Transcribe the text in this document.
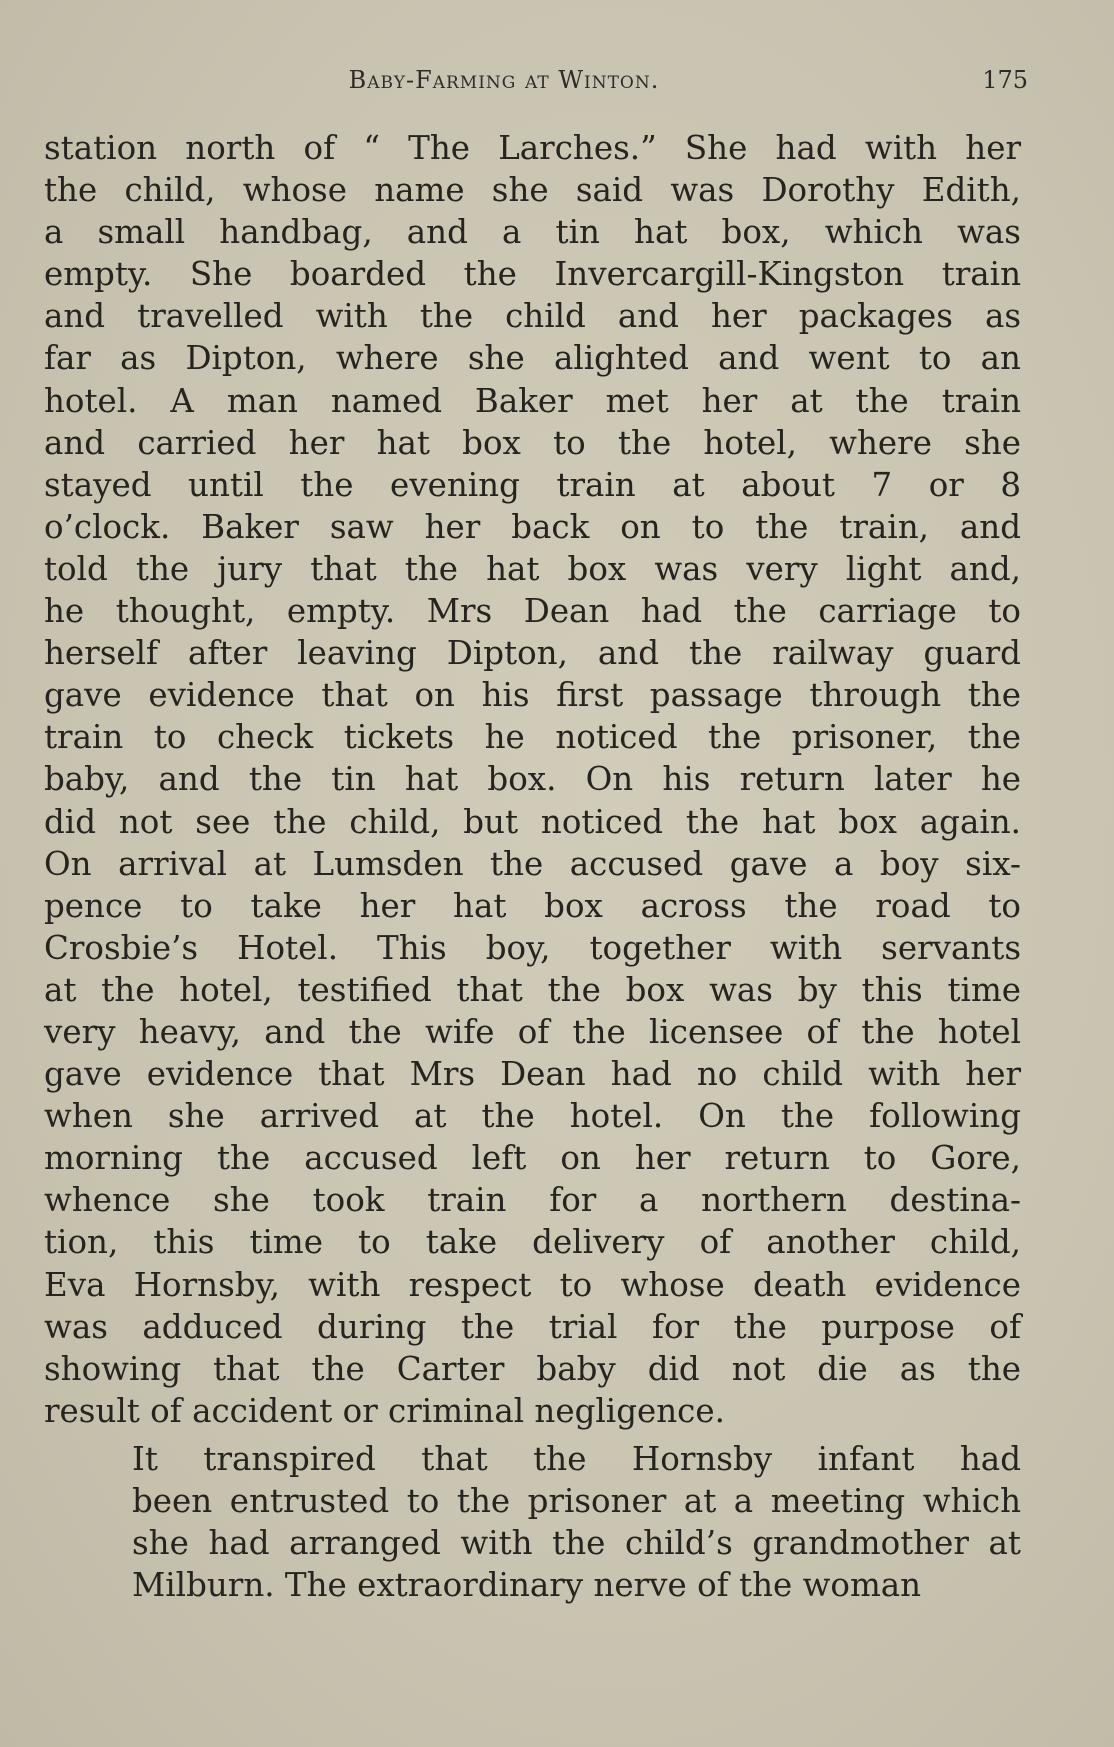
Baby-Farming at Winton.	175

station north of “ The Larches.” She had with her
the child, whose name she said was Dorothy Edith,
a small handbag, and a tin hat box, which was
empty. She boarded the Invercargill-Kingston train
and travelled with the child and her packages as
far as Dipton, where she alighted and went to an
hotel. A man named Baker met her at the train
and carried her hat box to the hotel, where she
stayed until the evening train at about 7 or 8
o’clock. Baker saw her back on to the train, and
told the jury that the hat box was very light and,
he thought, empty. Mrs Dean had the carriage to
herself after leaving Dipton, and the railway guard
gave evidence that on his first passage through the
train to check tickets he noticed the prisoner, the
baby, and the tin hat box. On his return later he
did not see the child, but noticed the hat box again.
On arrival at Lumsden the accused gave a boy six-
pence to take her hat box across the road to
Crosbie’s Hotel. This boy, together with servants
at the hotel, testified that the box was by this time
very heavy, and the wife of the licensee of the hotel
gave evidence that Mrs Dean had no child with her
when she arrived at the hotel. On the following
morning the accused left on her return to Gore,
whence she took train for a northern destina-
tion, this time to take delivery of another child,
Eva Hornsby, with respect to whose death evidence
was adduced during the trial for the purpose of
showing that the Carter baby did not die as the
result of accident or criminal negligence.

It transpired that the Hornsby infant had
been entrusted to the prisoner at a meeting which
she had arranged with the child’s grandmother at
Milburn. The extraordinary nerve of the woman
